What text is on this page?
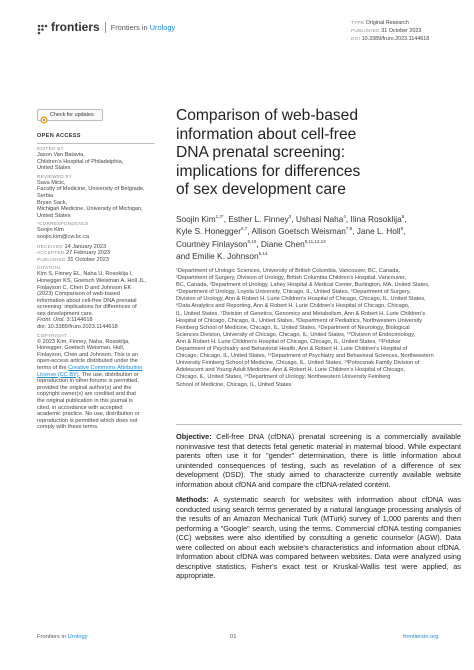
frontiers Frontiers in Urology	TYPE Original Research
PUBLISHED 31 October 2023
DOI 10.3389/fruro.2023.1144618
Check for updates
OPEN ACCESS
EDITED BY
Jason Van Batavia,
Children's Hospital of Philadelphia,
United States
REVIEWED BY
Sava Micic,
Faculty of Medicine, University of Belgrade,
Serbia
Bryan Sack,
Michigan Medicine, University of Michigan,
United States
*CORRESPONDENCE
Soojin Kim
soojin.kim@cw.bc.ca
RECEIVED 14 January 2023
ACCEPTED 27 February 2023
PUBLISHED 31 October 2023
CITATION
Kim S, Finney EL, Naha U, Rosoklija I,
Honegger KS, Goetsch Weisman A, Holl JL,
Finlayson C, Chen D and Johnson EK
(2023) Comparison of web-based
information about cell-free DNA prenatal
screening: implications for differences of
sex development care.
Front. Urol. 3:1144618
doi: 10.3389/fruro.2023.1144618
COPYRIGHT
© 2023 Kim, Finney, Naha, Rosoklija,
Honegger, Goetsch Weisman, Holl,
Finlayson, Chen and Johnson. This is an
open-access article distributed under the
terms of the Creative Commons Attribution
License (CC BY). The use, distribution or
reproduction in other forums is permitted,
provided the original author(s) and the
copyright owner(s) are credited and that
the original publication in this journal is
cited, in accordance with accepted
academic practice. No use, distribution or
reproduction is permitted which does not
comply with these terms.
Comparison of web-based
information about cell-free
DNA prenatal screening:
implications for differences
of sex development care
Soojin Kim$^{1,2*}$, Esther L. Finney$^3$, Ushasi Naha$^4$, Ilina Rosoklija$^5$,
Kyle S. Honegger$^{6,7}$, Allison Goetsch Weisman$^{7,8}$, Jane L. Holl$^9$,
Courtney Finlayson$^{8,10}$, Diane Chen$^{8,11,12,13}$
and Emilie K. Johnson$^{5,14}$
¹Department of Urologic Sciences, University of British Columbia, Vancouver, BC, Canada,
²Department of Surgery, Division of Urology, British Columbia Children's Hospital, Vancouver,
BC, Canada, ³Department of Urology, Lahey Hospital & Medical Center, Burlington, MA, United States,
⁴Department of Urology, Loyola University, Chicago, IL, United States, ⁵Department of Surgery,
Division of Urology, Ann & Robert H. Lurie Children's Hospital of Chicago, Chicago, IL, United States,
⁶Data Analytics and Reporting, Ann & Robert H. Lurie Children's Hospital of Chicago, Chicago,
IL, United States, ⁷Division of Genetics, Genomics and Metabolism, Ann & Robert H. Lurie Children's
Hospital of Chicago, Chicago, IL, United States, ⁸Department of Pediatrics, Northwestern University
Feinberg School of Medicine, Chicago, IL, United States, ⁹Department of Neurology, Biological
Sciences Division, University of Chicago, Chicago, IL, United States, ¹⁰Division of Endocrinology,
Ann & Robert H. Lurie Children's Hospital of Chicago, Chicago, IL, United States, ¹¹Pritzker
Department of Psychiatry and Behavioral Health, Ann & Robert H. Lurie Children's Hospital of
Chicago, Chicago, IL, United States, ¹²Department of Psychiatry and Behavioral Sciences, Northwestern
University Feinberg School of Medicine, Chicago, IL, United States, ¹³Potocsnak Family Division of
Adolescent and Young Adult Medicine, Ann & Robert H. Lurie Children's Hospital of Chicago,
Chicago, IL, United States, ¹⁴Department of Urology, Northwestern University Feinberg
School of Medicine, Chicago, IL, United States

Objective: Cell-free DNA (cfDNA) prenatal screening is a commercially available noninvasive test that detects fetal genetic material in maternal blood. While expectant parents often use it for "gender" determination, there is little information about unintended consequences of testing, such as revelation of a difference of sex development (DSD). The study aimed to characterize currently available website information about cfDNA and compare the cfDNA-related content.

Methods: A systematic search for websites with information about cfDNA was conducted using search terms generated by a natural language processing analysis of the results of an Amazon Mechanical Turk (MTurk) survey of 1,000 parents and then performing a "Google" search, using the terms. Commercial cfDNA testing companies (CC) websites were also identified by consulting a genetic counselor (AGW). Data were collected on about each website's characteristics and information about cfDNA. Information about cfDNA was compared between websites. Data were analyzed using descriptive statistics, Fisher's exact test or Kruskal-Wallis test were applied, as appropriate.

Frontiers in Urology	01	frontiersin.org
